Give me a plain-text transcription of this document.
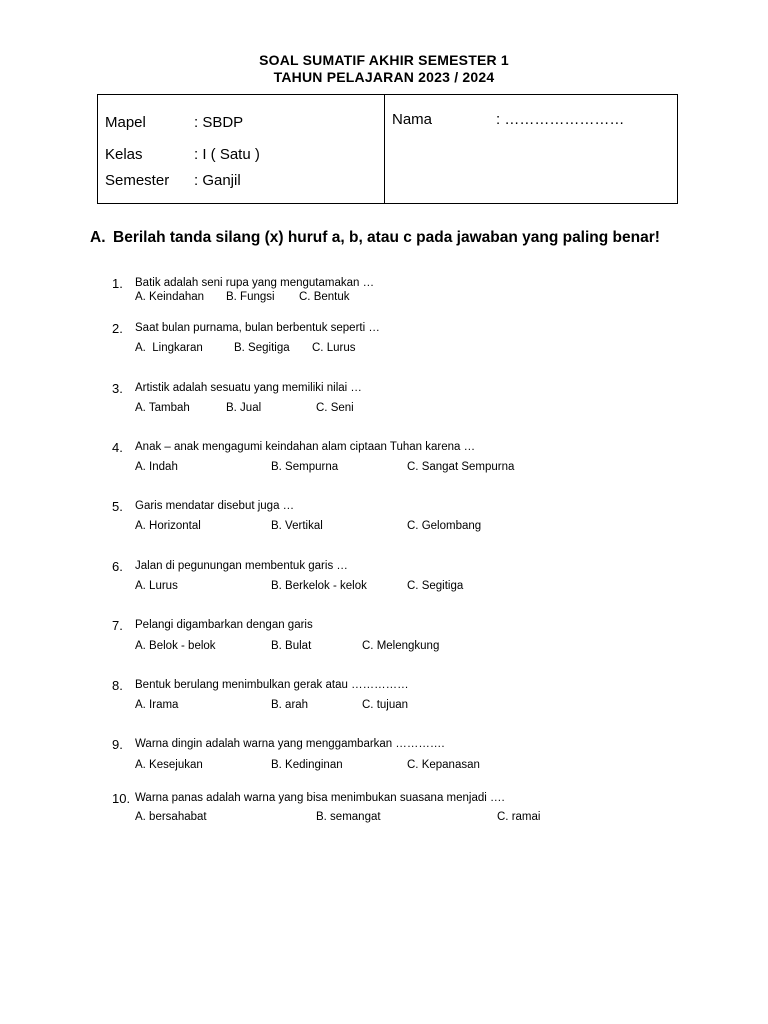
SOAL SUMATIF AKHIR SEMESTER 1
TAHUN PELAJARAN 2023 / 2024
Mapel	: SBDP
Kelas	: I ( Satu )
Semester : Ganjil
Nama	: ……………………
A. Berilah tanda silang (x) huruf a, b, atau c pada jawaban yang paling benar!
1. Batik adalah seni rupa yang mengutamakan …
A. Keindahan B. Fungsi C. Bentuk
2. Saat bulan purnama, bulan berbentuk seperti …
A.  Lingkaran	B. Segitiga C. Lurus
3. Artistik adalah sesuatu yang memiliki nilai …
A. Tambah	B. Jual	C. Seni
4. Anak – anak mengagumi keindahan alam ciptaan Tuhan karena …
A. Indah	B. Sempurna	C. Sangat Sempurna
5. Garis mendatar disebut juga …
A. Horizontal	B. Vertikal	C. Gelombang
6. Jalan di pegunungan membentuk garis …
A. Lurus	B. Berkelok - kelok	C. Segitiga
7. Pelangi digambarkan dengan garis
A. Belok - belok	B. Bulat	C. Melengkung
8. Bentuk berulang menimbulkan gerak atau ……………
A. Irama	B. arah	C. tujuan
9. Warna dingin adalah warna yang menggambarkan ………….
A. Kesejukan	B. Kedinginan	C. Kepanasan
10. Warna panas adalah warna yang bisa menimbukan suasana menjadi ….
A. bersahabat	B. semangat	C. ramai
